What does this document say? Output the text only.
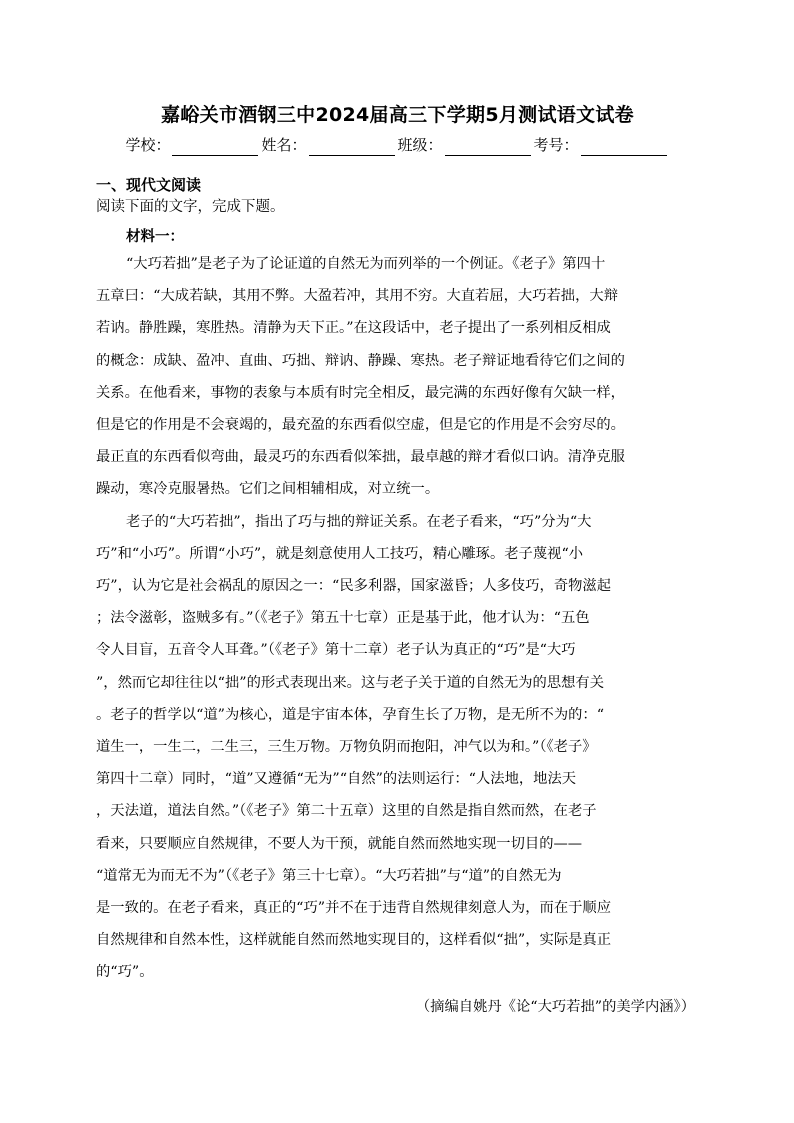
嘉峪关市酒钢三中2024届高三下学期5月测试语文试卷
学校：	姓名：	班级：	考号：
一、现代文阅读
阅读下面的文字，完成下题。
材料一：
“大巧若拙”是老子为了论证道的自然无为而列举的一个例证。《老子》第四十
五章曰：“大成若缺，其用不弊。大盈若冲，其用不穷。大直若屈，大巧若拙，大辩
若讷。静胜躁，寒胜热。清静为天下正。”在这段话中，老子提出了一系列相反相成
的概念：成缺、盈冲、直曲、巧拙、辩讷、静躁、寒热。老子辩证地看待它们之间的
关系。在他看来，事物的表象与本质有时完全相反，最完满的东西好像有欠缺一样，
但是它的作用是不会衰竭的，最充盈的东西看似空虚，但是它的作用是不会穷尽的。
最正直的东西看似弯曲，最灵巧的东西看似笨拙，最卓越的辩才看似口讷。清净克服
躁动，寒冷克服暑热。它们之间相辅相成，对立统一。
老子的“大巧若拙”，指出了巧与拙的辩证关系。在老子看来，“巧”分为“大
巧”和“小巧”。所谓“小巧”，就是刻意使用人工技巧，精心雕琢。老子蔑视“小
巧”，认为它是社会祸乱的原因之一：“民多利器，国家滋昏；人多伎巧，奇物滋起
；法令滋彰，盗贼多有。”（《老子》第五十七章）正是基于此，他才认为：“五色
令人目盲，五音令人耳聋。”（《老子》第十二章）老子认为真正的“巧”是“大巧
”，然而它却往往以“拙”的形式表现出来。这与老子关于道的自然无为的思想有关
。老子的哲学以“道”为核心，道是宇宙本体，孕育生长了万物，是无所不为的：“
道生一，一生二，二生三，三生万物。万物负阴而抱阳，冲气以为和。”（《老子》
第四十二章）同时，“道”又遵循“无为”“自然”的法则运行：“人法地，地法天
，天法道，道法自然。”（《老子》第二十五章）这里的自然是指自然而然，在老子
看来，只要顺应自然规律，不要人为干预，就能自然而然地实现一切目的——
“道常无为而无不为”（《老子》第三十七章）。“大巧若拙”与“道”的自然无为
是一致的。在老子看来，真正的“巧”并不在于违背自然规律刻意人为，而在于顺应
自然规律和自然本性，这样就能自然而然地实现目的，这样看似“拙”，实际是真正
的“巧”。
（摘编自姚丹《论“大巧若拙”的美学内涵》）
